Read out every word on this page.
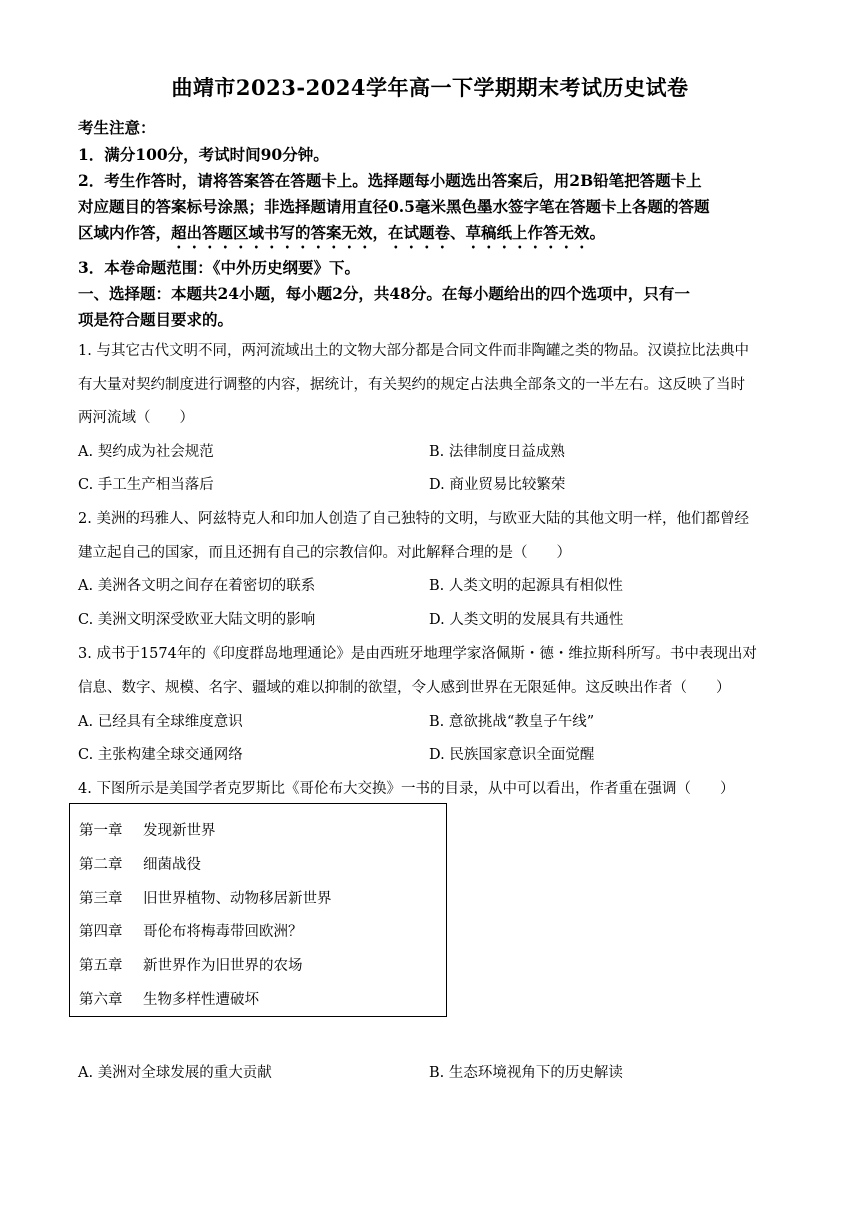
曲靖市2023-2024学年高一下学期期末考试历史试卷
考生注意：
1．满分100分，考试时间90分钟。
2．考生作答时，请将答案答在答题卡上。选择题每小题选出答案后，用2B铅笔把答题卡上
对应题目的答案标号涂黑；非选择题请用直径0.5毫米黑色墨水签字笔在答题卡上各题的答题
区域内作答，超出答题区域书写的答案无效，在试题卷、草稿纸上作答无效。
3．本卷命题范围：《中外历史纲要》下。
一、选择题：本题共24小题，每小题2分，共48分。在每小题给出的四个选项中，只有一
项是符合题目要求的。
1. 与其它古代文明不同，两河流域出土的文物大部分都是合同文件而非陶罐之类的物品。汉谟拉比法典中
有大量对契约制度进行调整的内容，据统计，有关契约的规定占法典全部条文的一半左右。这反映了当时
两河流域（　　）
A. 契约成为社会规范	B. 法律制度日益成熟
C. 手工生产相当落后	D. 商业贸易比较繁荣
2. 美洲的玛雅人、阿兹特克人和印加人创造了自己独特的文明，与欧亚大陆的其他文明一样，他们都曾经
建立起自己的国家，而且还拥有自己的宗教信仰。对此解释合理的是（　　）
A. 美洲各文明之间存在着密切的联系	B. 人类文明的起源具有相似性
C. 美洲文明深受欧亚大陆文明的影响	D. 人类文明的发展具有共通性
3. 成书于1574年的《印度群岛地理通论》是由西班牙地理学家洛佩斯・德・维拉斯科所写。书中表现出对
信息、数字、规模、名字、疆域的难以抑制的欲望，令人感到世界在无限延伸。这反映出作者（　　）
A. 已经具有全球维度意识	B. 意欲挑战“教皇子午线”
C. 主张构建全球交通网络	D. 民族国家意识全面觉醒
4. 下图所示是美国学者克罗斯比《哥伦布大交换》一书的目录，从中可以看出，作者重在强调（　　）
第一章 发现新世界
第二章 细菌战役
第三章 旧世界植物、动物移居新世界
第四章 哥伦布将梅毒带回欧洲？
第五章 新世界作为旧世界的农场
第六章 生物多样性遭破坏
A. 美洲对全球发展的重大贡献	B. 生态环境视角下的历史解读
